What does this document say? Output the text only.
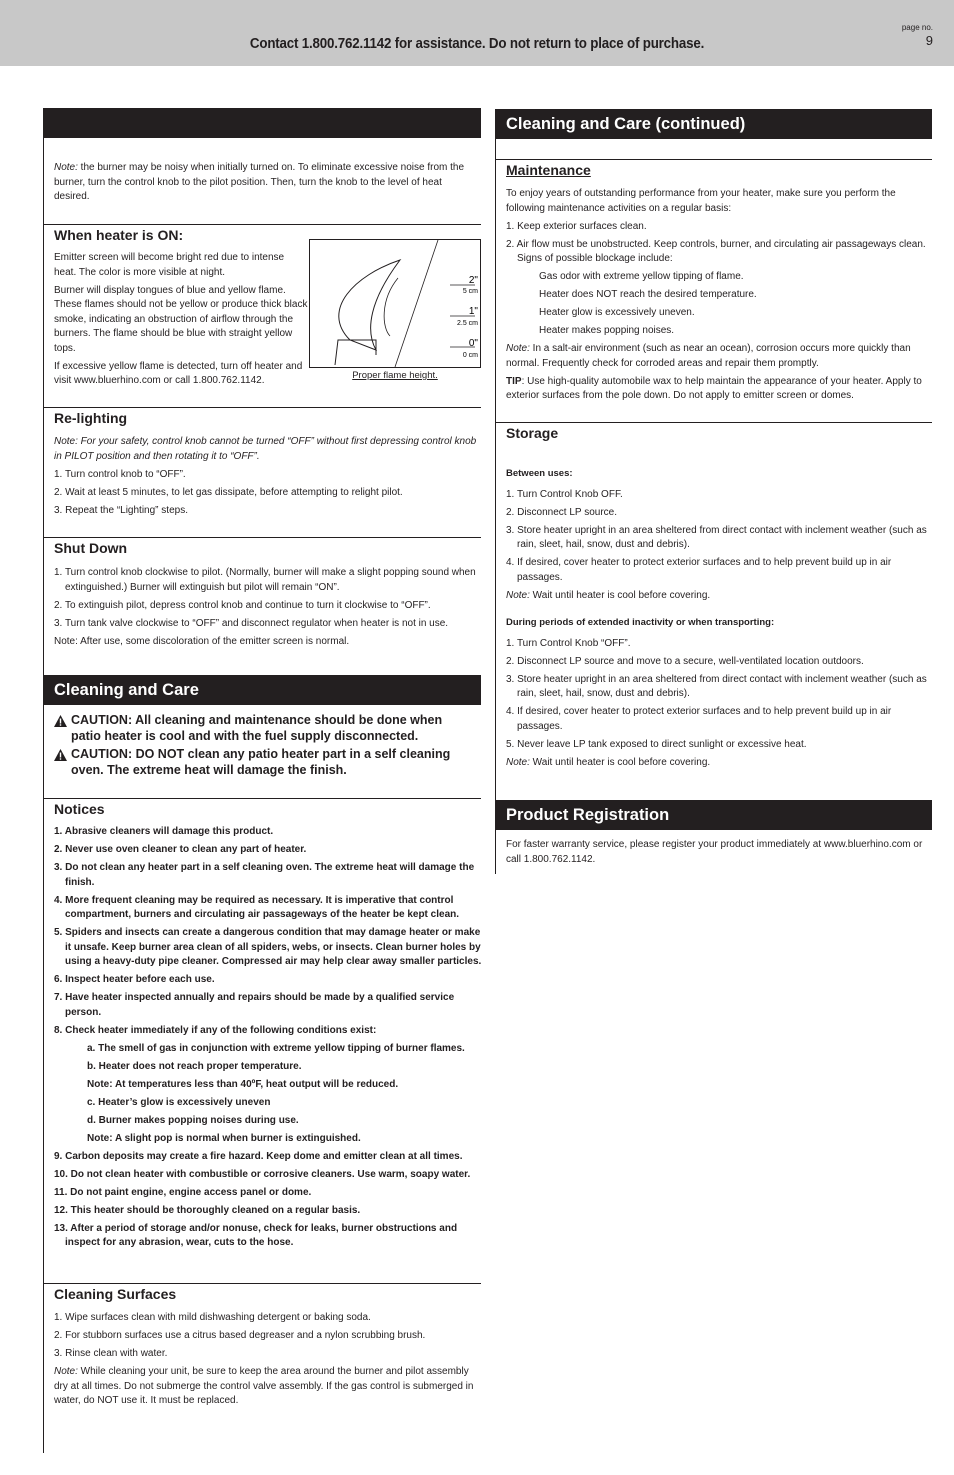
Contact 1.800.762.1142 for assistance. Do not return to place of purchase.
page no.
9
Note: the burner may be noisy when initially turned on. To eliminate excessive noise from the burner, turn the control knob to the pilot position. Then, turn the knob to the level of heat desired.
When heater is ON:

Emitter screen will become bright red due to intense heat. The color is more visible at night.

Burner will display tongues of blue and yellow flame. These flames should not be yellow or produce thick black smoke, indicating an obstruction of airflow through the burners. The flame should be blue with straight yellow tops.

If excessive yellow flame is detected, turn off heater and visit www.bluerhino.com or call 1.800.762.1142.

2"
5 cm
1"
2.5 cm
0"
0 cm
Proper flame height.
Re-lighting

Note: For your safety, control knob cannot be turned “OFF” without first depressing control knob in PILOT position and then rotating it to “OFF”.

1. Turn control knob to “OFF”.
2. Wait at least 5 minutes, to let gas dissipate, before attempting to relight pilot.
3. Repeat the “Lighting” steps.
Shut Down
1. Turn control knob clockwise to pilot. (Normally, burner will make a slight popping sound when extinguished.) Burner will extinguish but pilot will remain “ON”.
2. To extinguish pilot, depress control knob and continue to turn it clockwise to “OFF”.
3. Turn tank valve clockwise to “OFF” and disconnect regulator when heater is not in use.

Note: After use, some discoloration of the emitter screen is normal.

Cleaning and Care
CAUTION: All cleaning and maintenance should be done when patio heater is cool and with the fuel supply disconnected.
CAUTION: DO NOT clean any patio heater part in a self cleaning oven. The extreme heat will damage the finish.
Notices
1. Abrasive cleaners will damage this product.
2. Never use oven cleaner to clean any part of heater.
3. Do not clean any heater part in a self cleaning oven. The extreme heat will damage the finish.
4. More frequent cleaning may be required as necessary. It is imperative that control compartment, burners and circulating air passageways of the heater be kept clean.
5. Spiders and insects can create a dangerous condition that may damage heater or make it unsafe. Keep burner area clean of all spiders, webs, or insects. Clean burner holes by using a heavy-duty pipe cleaner. Compressed air may help clear away smaller particles.
6. Inspect heater before each use.
7. Have heater inspected annually and repairs should be made by a qualified service person.
8. Check heater immediately if any of the following conditions exist:
a. The smell of gas in conjunction with extreme yellow tipping of burner flames.
b. Heater does not reach proper temperature.
Note: At temperatures less than 40ºF, heat output will be reduced.
c. Heater’s glow is excessively uneven
d. Burner makes popping noises during use.
Note: A slight pop is normal when burner is extinguished.
9. Carbon deposits may create a fire hazard. Keep dome and emitter clean at all times.
10. Do not clean heater with combustible or corrosive cleaners. Use warm, soapy water.
11. Do not paint engine, engine access panel or dome.
12. This heater should be thoroughly cleaned on a regular basis.
13. After a period of storage and/or nonuse, check for leaks, burner obstructions and inspect for any abrasion, wear, cuts to the hose.
Cleaning Surfaces
1. Wipe surfaces clean with mild dishwashing detergent or baking soda.
2. For stubborn surfaces use a citrus based degreaser and a nylon scrubbing brush.
3. Rinse clean with water.

Note: While cleaning your unit, be sure to keep the area around the burner and pilot assembly dry at all times. Do not submerge the control valve assembly. If the gas control is submerged in water, do NOT use it. It must be replaced.

Cleaning and Care (continued)
Maintenance

To enjoy years of outstanding performance from your heater, make sure you perform the following maintenance activities on a regular basis:

1. Keep exterior surfaces clean.
2. Air flow must be unobstructed. Keep controls, burner, and circulating air passageways clean. Signs of possible blockage include:
Gas odor with extreme yellow tipping of flame.
Heater does NOT reach the desired temperature.
Heater glow is excessively uneven.
Heater makes popping noises.

Note: In a salt-air environment (such as near an ocean), corrosion occurs more quickly than normal. Frequently check for corroded areas and repair them promptly.

TIP: Use high-quality automobile wax to help maintain the appearance of your heater. Apply to exterior surfaces from the pole down. Do not apply to emitter screen or domes.

Storage

Between uses:

1. Turn Control Knob OFF.
2. Disconnect LP source.
3. Store heater upright in an area sheltered from direct contact with inclement weather (such as rain, sleet, hail, snow, dust and debris).
4. If desired, cover heater to protect exterior surfaces and to help prevent build up in air passages.

Note: Wait until heater is cool before covering.

During periods of extended inactivity or when transporting:

1. Turn Control Knob “OFF”.
2. Disconnect LP source and move to a secure, well-ventilated location outdoors.
3. Store heater upright in an area sheltered from direct contact with inclement weather (such as rain, sleet, hail, snow, dust and debris).
4. If desired, cover heater to protect exterior surfaces and to help prevent build up in air passages.
5. Never leave LP tank exposed to direct sunlight or excessive heat.

Note: Wait until heater is cool before covering.

Product Registration
For faster warranty service, please register your product immediately at www.bluerhino.com or call 1.800.762.1142.
